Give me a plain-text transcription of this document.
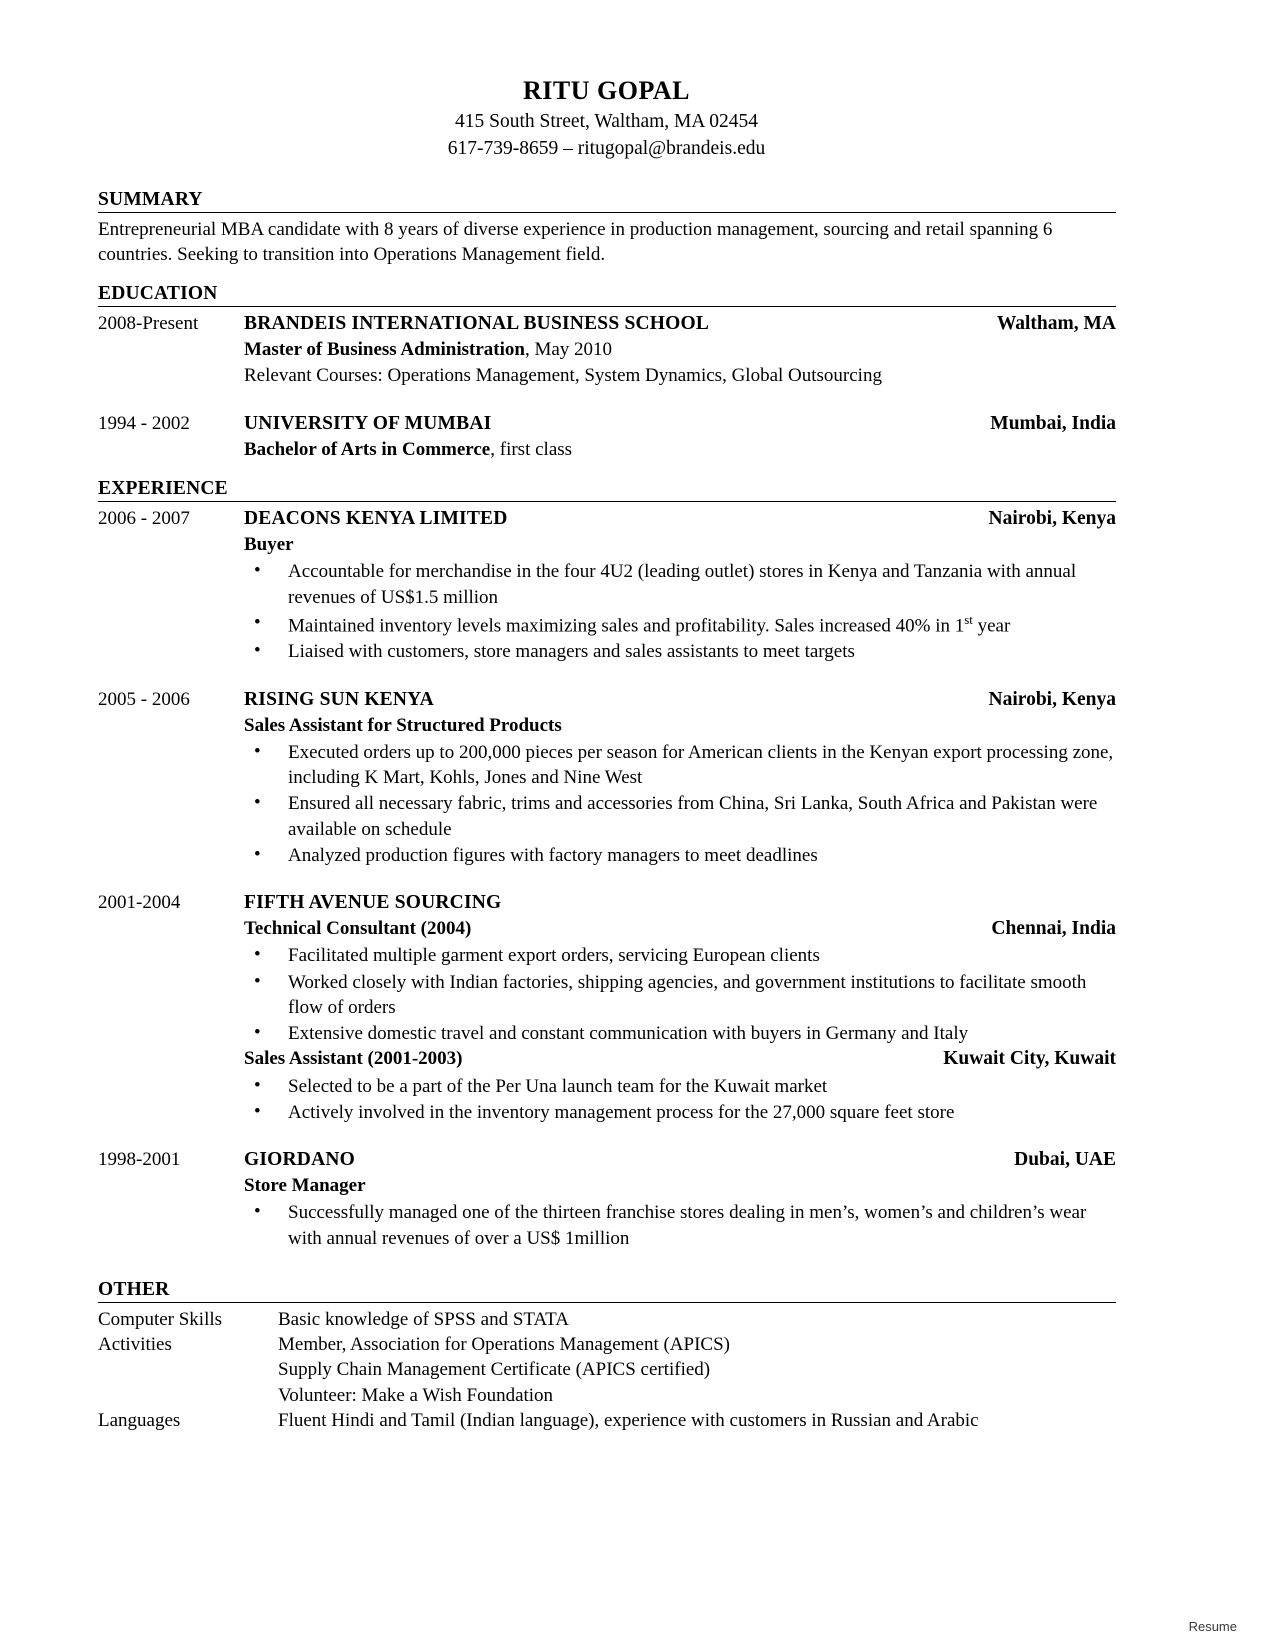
RITU GOPAL
415 South Street, Waltham, MA 02454
617-739-8659 – ritugopal@brandeis.edu
SUMMARY
Entrepreneurial MBA candidate with 8 years of diverse experience in production management, sourcing and retail spanning 6 countries. Seeking to transition into Operations Management field.
EDUCATION
2008-Present	BRANDEIS INTERNATIONAL BUSINESS SCHOOL	Waltham, MA
Master of Business Administration, May 2010
Relevant Courses: Operations Management, System Dynamics, Global Outsourcing
1994 - 2002	UNIVERSITY OF MUMBAI	Mumbai, India
Bachelor of Arts in Commerce, first class
EXPERIENCE
2006 - 2007	DEACONS KENYA LIMITED	Nairobi, Kenya
Buyer
• Accountable for merchandise in the four 4U2 (leading outlet) stores in Kenya and Tanzania with annual revenues of US$1.5 million
• Maintained inventory levels maximizing sales and profitability. Sales increased 40% in 1st year
• Liaised with customers, store managers and sales assistants to meet targets
2005 - 2006	RISING SUN KENYA	Nairobi, Kenya
Sales Assistant for Structured Products
• Executed orders up to 200,000 pieces per season for American clients in the Kenyan export processing zone, including K Mart, Kohls, Jones and Nine West
• Ensured all necessary fabric, trims and accessories from China, Sri Lanka, South Africa and Pakistan were available on schedule
• Analyzed production figures with factory managers to meet deadlines
2001-2004	FIFTH AVENUE SOURCING
Technical Consultant (2004)	Chennai, India
• Facilitated multiple garment export orders, servicing European clients
• Worked closely with Indian factories, shipping agencies, and government institutions to facilitate smooth flow of orders
• Extensive domestic travel and constant communication with buyers in Germany and Italy
Sales Assistant (2001-2003)	Kuwait City, Kuwait
• Selected to be a part of the Per Una launch team for the Kuwait market
• Actively involved in the inventory management process for the 27,000 square feet store
1998-2001	GIORDANO	Dubai, UAE
Store Manager
• Successfully managed one of the thirteen franchise stores dealing in men’s, women’s and children’s wear with annual revenues of over a US$ 1million
OTHER
Computer Skills	Basic knowledge of SPSS and STATA
Activities	Member, Association for Operations Management (APICS)
	Supply Chain Management Certificate (APICS certified)
	Volunteer: Make a Wish Foundation
Languages	Fluent Hindi and Tamil (Indian language), experience with customers in Russian and Arabic
Resume
